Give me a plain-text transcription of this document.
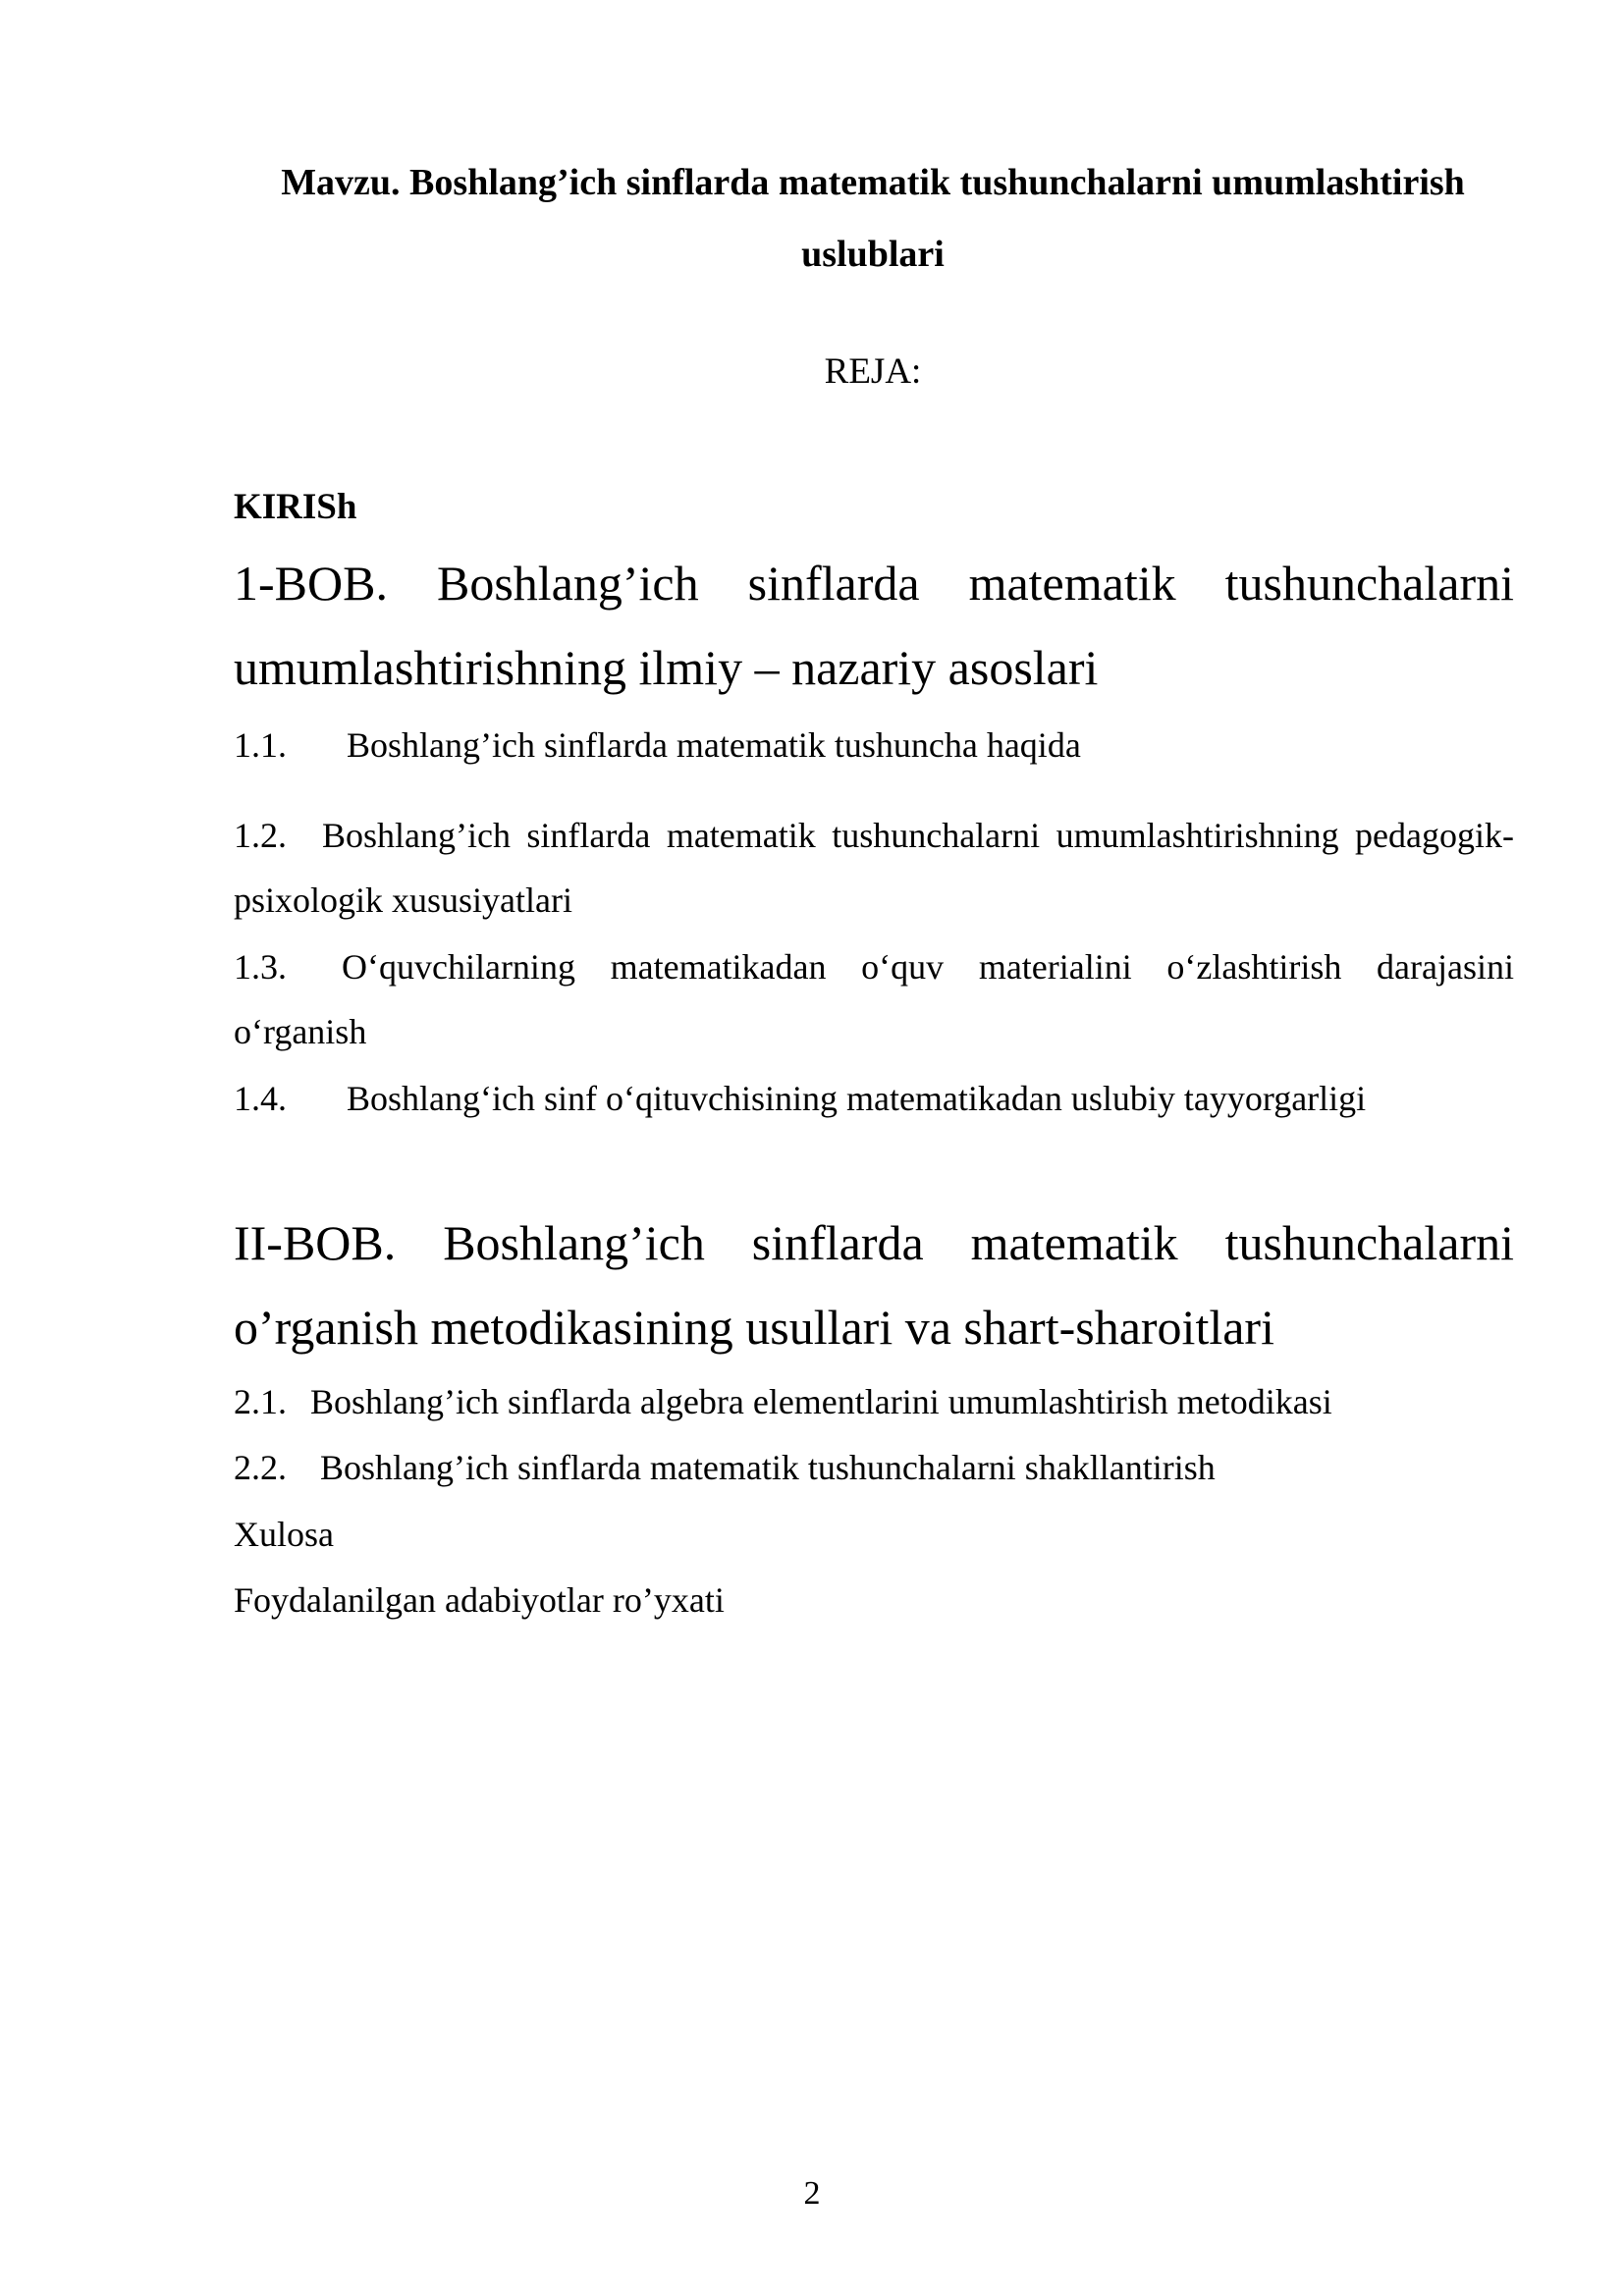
Mavzu. Boshlang’ich sinflarda matematik tushunchalarni umumlashtirish uslublari
REJA:
KIRISh
1-BOB. Boshlang’ich sinflarda matematik tushunchalarni umumlashtirishning ilmiy – nazariy asoslari
1.1. Boshlang’ich sinflarda matematik tushuncha haqida
1.2. Boshlang’ich sinflarda matematik tushunchalarni umumlashtirishning pedagogik-psixologik xususiyatlari
1.3. O‘quvchilarning matematikadan o‘quv materialini o‘zlashtirish darajasini o‘rganish
1.4. Boshlang‘ich sinf o‘qituvchisining matematikadan uslubiy tayyorgarligi
II-BOB. Boshlang’ich sinflarda matematik tushunchalarni o’rganish metodikasining usullari va shart-sharoitlari
2.1. Boshlang’ich sinflarda algebra elementlarini umumlashtirish metodikasi
2.2. Boshlang’ich sinflarda matematik tushunchalarni shakllantirish
Xulosa
Foydalanilgan adabiyotlar ro’yxati
2
